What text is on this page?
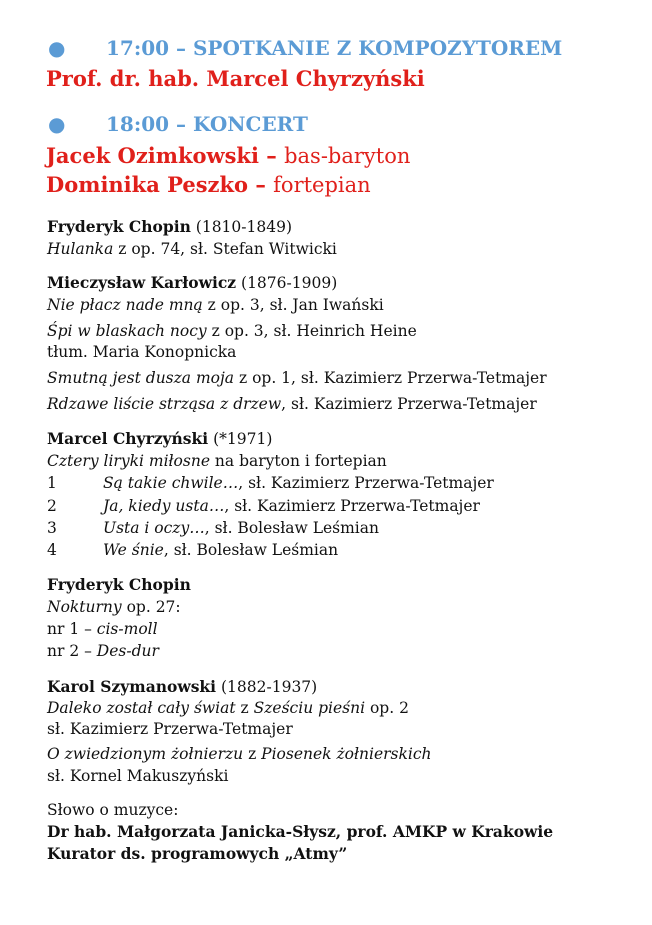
● 17:00 – SPOTKANIE Z KOMPOZYTOREM
Prof. dr. hab. Marcel Chyrzyński
● 18:00 – KONCERT
Jacek Ozimkowski – bas-baryton
Dominika Peszko – fortepian
Fryderyk Chopin (1810-1849)
Hulanka z op. 74, sł. Stefan Witwicki
Mieczysław Karłowicz (1876-1909)
Nie płacz nade mną z op. 3, sł. Jan Iwański
Śpi w blaskach nocy z op. 3, sł. Heinrich Heine
tłum. Maria Konopnicka
Smutną jest dusza moja z op. 1, sł. Kazimierz Przerwa-Tetmajer
Rdzawe liście strząsa z drzew, sł. Kazimierz Przerwa-Tetmajer
Marcel Chyrzyński (*1971)
Cztery liryki miłosne na baryton i fortepian
1	Są takie chwile…, sł. Kazimierz Przerwa-Tetmajer
2	Ja, kiedy usta…, sł. Kazimierz Przerwa-Tetmajer
3	Usta i oczy…, sł. Bolesław Leśmian
4	We śnie, sł. Bolesław Leśmian
Fryderyk Chopin
Nokturny op. 27:
nr 1 – cis-moll
nr 2 – Des-dur
Karol Szymanowski (1882-1937)
Daleko został cały świat z Sześciu pieśni op. 2
sł. Kazimierz Przerwa-Tetmajer
O zwiedzionym żołnierzu z Piosenek żołnierskich
sł. Kornel Makuszyński
Słowo o muzyce:
Dr hab. Małgorzata Janicka-Słysz, prof. AMKP w Krakowie
Kurator ds. programowych „Atmy”
